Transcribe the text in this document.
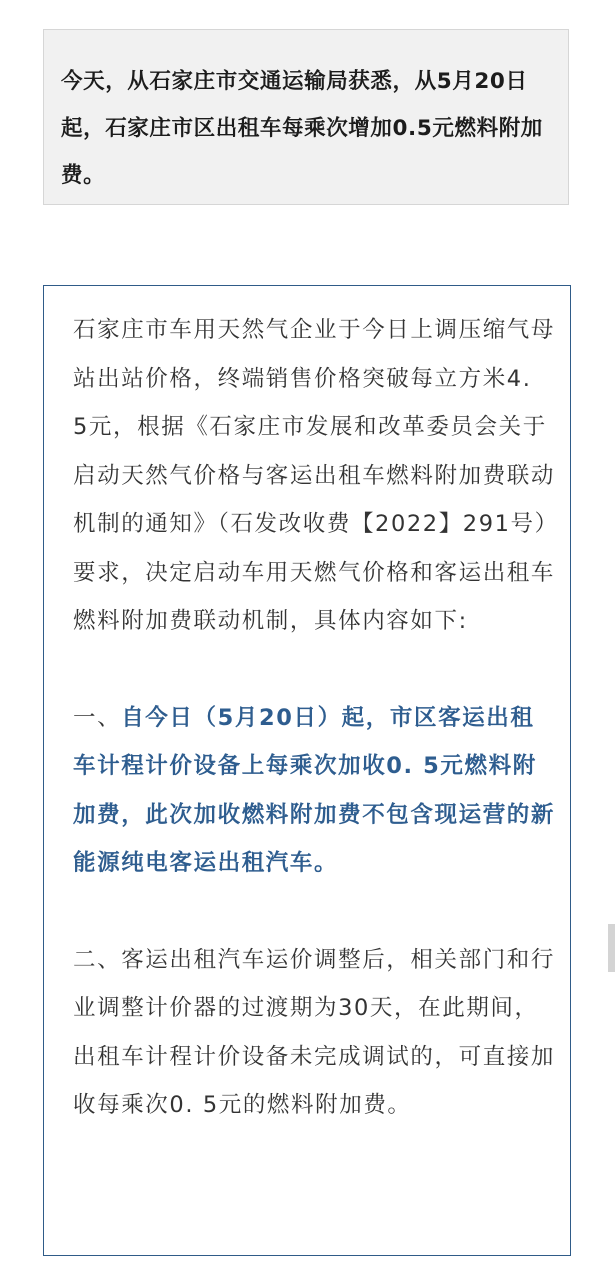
今天，从石家庄市交通运输局获悉，从5月20日起，石家庄市区出租车每乘次增加0.5元燃料附加费。

石家庄市车用天然气企业于今日上调压缩气母站出站价格，终端销售价格突破每立方米4. 5元，根据《石家庄市发展和改革委员会关于启动天然气价格与客运出租车燃料附加费联动机制的通知》（石发改收费【2022】291号）要求，决定启动车用天燃气价格和客运出租车燃料附加费联动机制，具体内容如下:

一、自今日（5月20日）起，市区客运出租车计程计价设备上每乘次加收0. 5元燃料附加费，此次加收燃料附加费不包含现运营的新能源纯电客运出租汽车。

二、客运出租汽车运价调整后，相关部门和行业调整计价器的过渡期为30天，在此期间，出租车计程计价设备未完成调试的，可直接加收每乘次0. 5元的燃料附加费。
